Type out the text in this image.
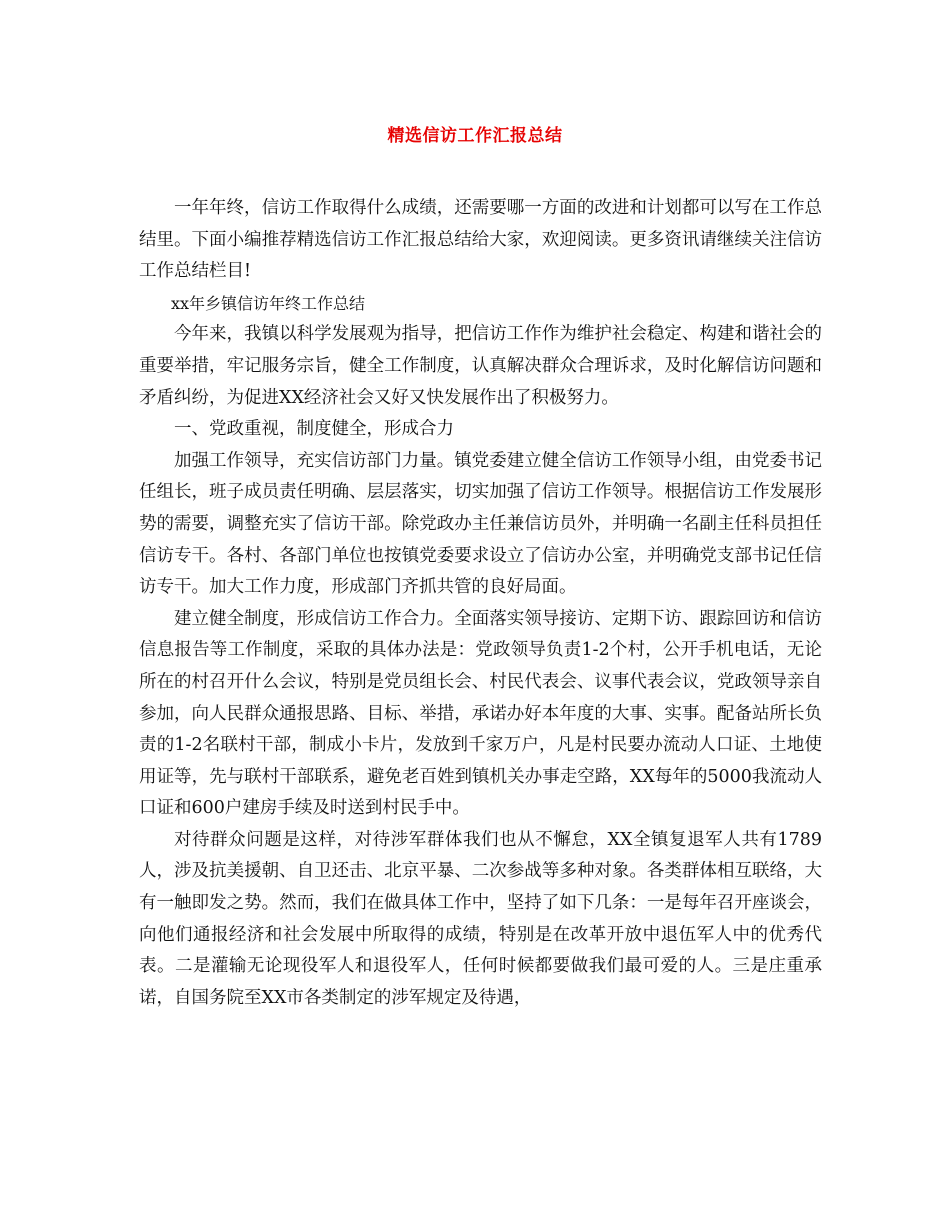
精选信访工作汇报总结

一年年终，信访工作取得什么成绩，还需要哪一方面的改进和计划都可以写在工作总结里。下面小编推荐精选信访工作汇报总结给大家，欢迎阅读。更多资讯请继续关注信访工作总结栏目!

xx年乡镇信访年终工作总结

今年来，我镇以科学发展观为指导，把信访工作作为维护社会稳定、构建和谐社会的重要举措，牢记服务宗旨，健全工作制度，认真解决群众合理诉求，及时化解信访问题和矛盾纠纷，为促进XX经济社会又好又快发展作出了积极努力。

一、党政重视，制度健全，形成合力

加强工作领导，充实信访部门力量。镇党委建立健全信访工作领导小组，由党委书记任组长，班子成员责任明确、层层落实，切实加强了信访工作领导。根据信访工作发展形势的需要，调整充实了信访干部。除党政办主任兼信访员外，并明确一名副主任科员担任信访专干。各村、各部门单位也按镇党委要求设立了信访办公室，并明确党支部书记任信访专干。加大工作力度，形成部门齐抓共管的良好局面。

建立健全制度，形成信访工作合力。全面落实领导接访、定期下访、跟踪回访和信访信息报告等工作制度，采取的具体办法是：党政领导负责1-2个村，公开手机电话，无论所在的村召开什么会议，特别是党员组长会、村民代表会、议事代表会议，党政领导亲自参加，向人民群众通报思路、目标、举措，承诺办好本年度的大事、实事。配备站所长负责的1-2名联村干部，制成小卡片，发放到千家万户，凡是村民要办流动人口证、土地使用证等，先与联村干部联系，避免老百姓到镇机关办事走空路，XX每年的5000我流动人口证和600户建房手续及时送到村民手中。

对待群众问题是这样，对待涉军群体我们也从不懈怠，XX全镇复退军人共有1789人，涉及抗美援朝、自卫还击、北京平暴、二次参战等多种对象。各类群体相互联络，大有一触即发之势。然而，我们在做具体工作中，坚持了如下几条：一是每年召开座谈会，向他们通报经济和社会发展中所取得的成绩，特别是在改革开放中退伍军人中的优秀代表。二是灌输无论现役军人和退役军人，任何时候都要做我们最可爱的人。三是庄重承诺，自国务院至XX市各类制定的涉军规定及待遇，
